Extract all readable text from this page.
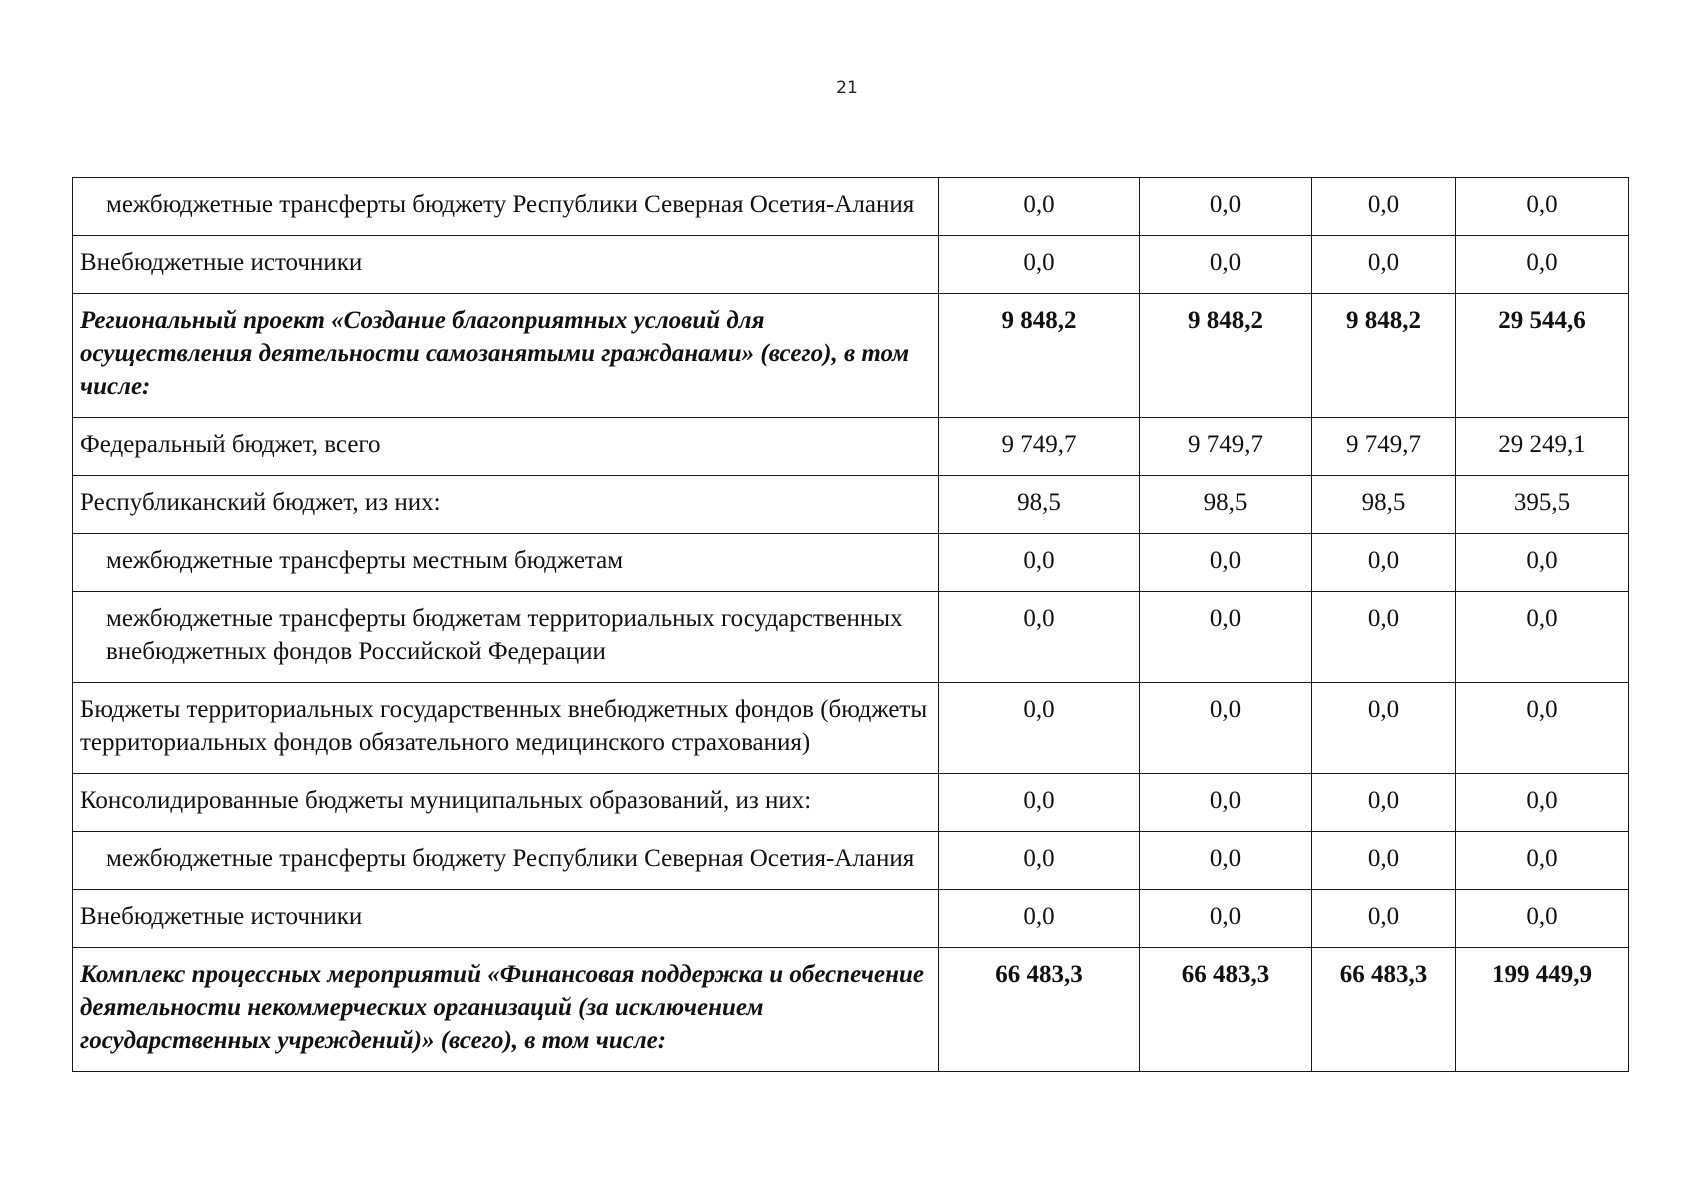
21
межбюджетные трансферты бюджету Республики Северная Осетия-Алания	0,0	0,0	0,0	0,0
Внебюджетные источники	0,0	0,0	0,0	0,0
Региональный проект «Создание благоприятных условий для осуществления деятельности самозанятыми гражданами» (всего), в том числе:	9 848,2	9 848,2	9 848,2	29 544,6
Федеральный бюджет, всего	9 749,7	9 749,7	9 749,7	29 249,1
Республиканский бюджет, из них:	98,5	98,5	98,5	395,5
межбюджетные трансферты местным бюджетам	0,0	0,0	0,0	0,0
межбюджетные трансферты бюджетам территориальных государственных внебюджетных фондов Российской Федерации	0,0	0,0	0,0	0,0
Бюджеты территориальных государственных внебюджетных фондов (бюджеты территориальных фондов обязательного медицинского страхования)	0,0	0,0	0,0	0,0
Консолидированные бюджеты муниципальных образований, из них:	0,0	0,0	0,0	0,0
межбюджетные трансферты бюджету Республики Северная Осетия-Алания	0,0	0,0	0,0	0,0
Внебюджетные источники	0,0	0,0	0,0	0,0
Комплекс процессных мероприятий «Финансовая поддержка и обеспечение деятельности некоммерческих организаций (за исключением государственных учреждений)» (всего), в том числе:	66 483,3	66 483,3	66 483,3	199 449,9
